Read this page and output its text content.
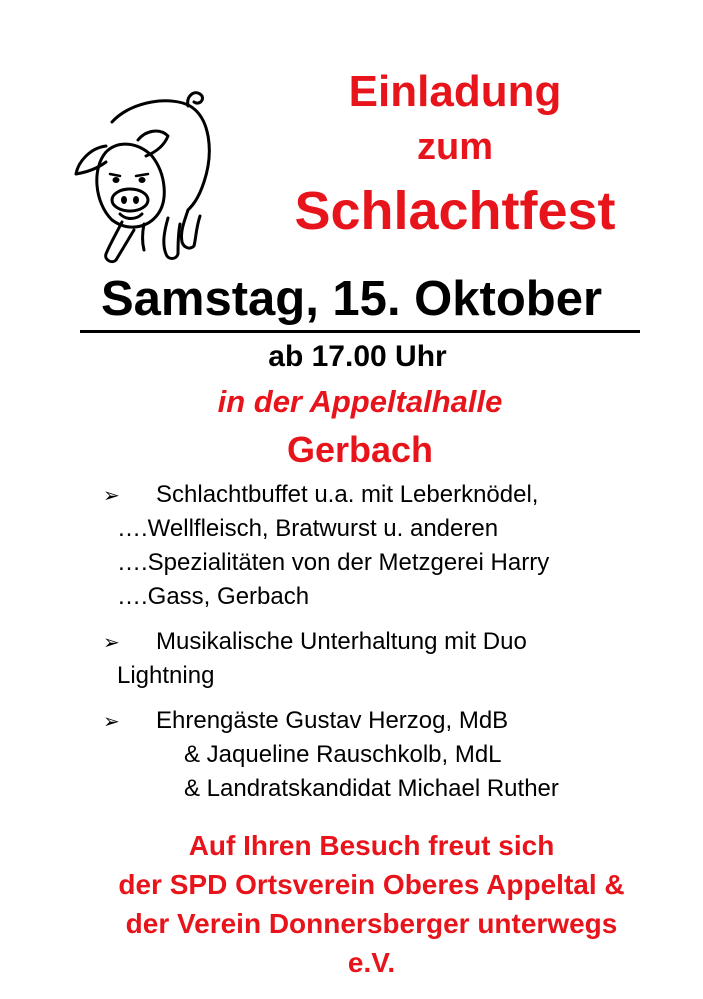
Einladung
zum
Schlachtfest
Samstag, 15. Oktober
ab 17.00 Uhr
in der Appeltalhalle
Gerbach
➢	Schlachtbuffet u.a. mit Leberknödel,
….Wellfleisch, Bratwurst u. anderen
….Spezialitäten von der Metzgerei Harry
….Gass, Gerbach
➢	Musikalische Unterhaltung mit Duo
Lightning
➢	Ehrengäste Gustav Herzog, MdB
& Jaqueline Rauschkolb, MdL
& Landratskandidat Michael Ruther
Auf Ihren Besuch freut sich
der SPD Ortsverein Oberes Appeltal &
der Verein Donnersberger unterwegs
e.V.
